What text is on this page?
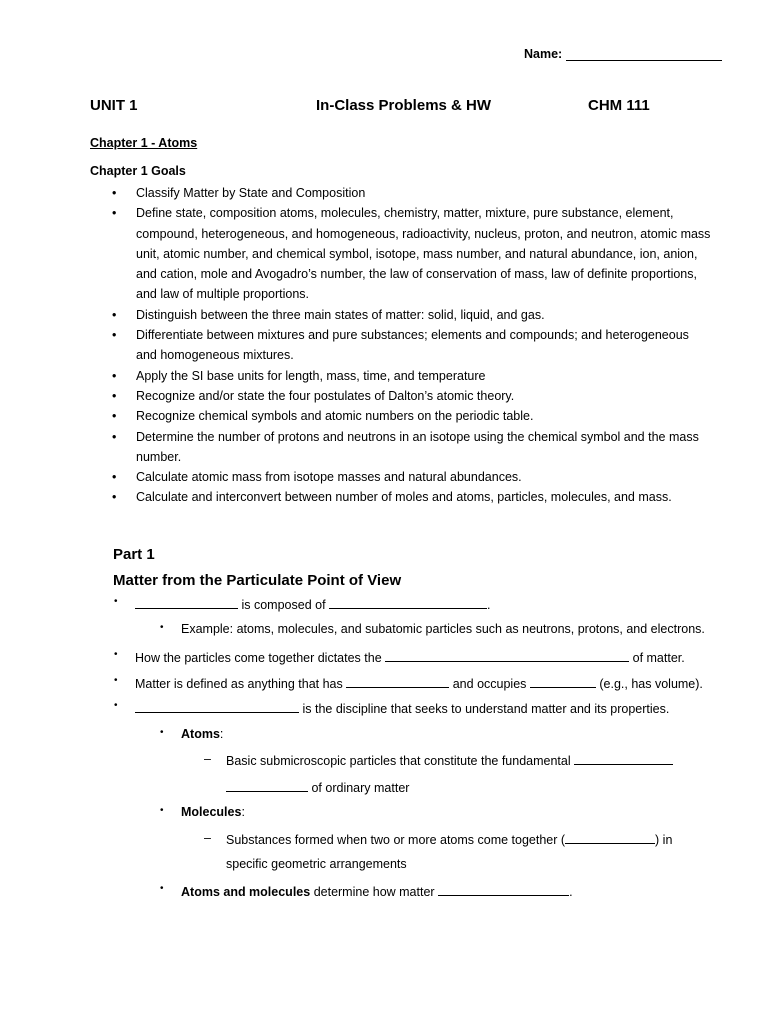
Name:
UNIT 1	In-Class Problems & HW	CHM 111
Chapter 1 - Atoms
Chapter 1 Goals
• Classify Matter by State and Composition
• Define state, composition atoms, molecules, chemistry, matter, mixture, pure substance, element,
compound, heterogeneous, and homogeneous, radioactivity, nucleus, proton, and neutron, atomic mass
unit, atomic number, and chemical symbol, isotope, mass number, and natural abundance, ion, anion,
and cation, mole and Avogadro’s number, the law of conservation of mass, law of definite proportions,
and law of multiple proportions.
• Distinguish between the three main states of matter: solid, liquid, and gas.
• Differentiate between mixtures and pure substances; elements and compounds; and heterogeneous
and homogeneous mixtures.
• Apply the SI base units for length, mass, time, and temperature
• Recognize and/or state the four postulates of Dalton’s atomic theory.
• Recognize chemical symbols and atomic numbers on the periodic table.
• Determine the number of protons and neutrons in an isotope using the chemical symbol and the mass
number.
• Calculate atomic mass from isotope masses and natural abundances.
• Calculate and interconvert between number of moles and atoms, particles, molecules, and mass.
Part 1
Matter from the Particulate Point of View
•	is composed of	.
• Example: atoms, molecules, and subatomic particles such as neutrons, protons, and electrons.
• How the particles come together dictates the	of matter.
• Matter is defined as anything that has	and occupies	(e.g., has volume).
•	is the discipline that seeks to understand matter and its properties.
• Atoms:
– Basic submicroscopic particles that constitute the fundamental
of ordinary matter
• Molecules:
– Substances formed when two or more atoms come together (	) in
specific geometric arrangements
• Atoms and molecules determine how matter	.
